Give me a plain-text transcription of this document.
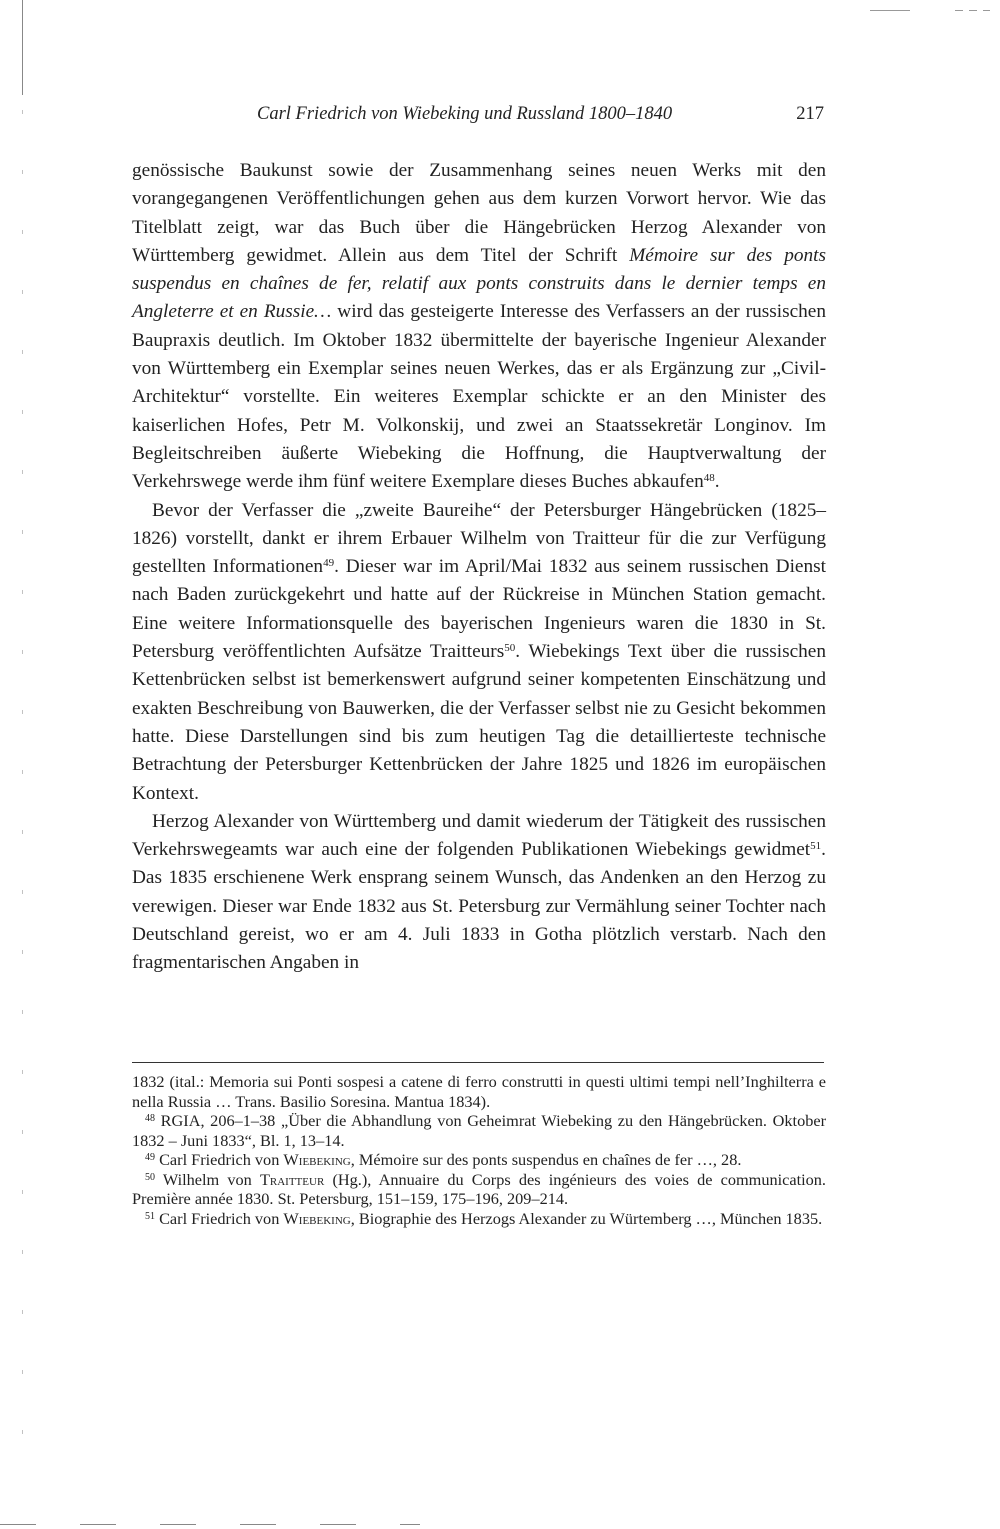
Carl Friedrich von Wiebeking und Russland 1800–1840	217

genössische Baukunst sowie der Zusammenhang seines neuen Werks mit den vorangegangenen Veröffentlichungen gehen aus dem kurzen Vorwort hervor. Wie das Titelblatt zeigt, war das Buch über die Hängebrücken Herzog Alexander von Württemberg gewidmet. Allein aus dem Titel der Schrift Mémoire sur des ponts suspendus en chaînes de fer, relatif aux ponts construits dans le dernier temps en Angleterre et en Russie… wird das gesteigerte Interesse des Verfassers an der russischen Baupraxis deutlich. Im Oktober 1832 übermittelte der bayerische Ingenieur Alexander von Württemberg ein Exemplar seines neuen Werkes, das er als Ergänzung zur „Civil-Architektur“ vorstellte. Ein weiteres Exemplar schickte er an den Minister des kaiserlichen Hofes, Petr M. Volkonskij, und zwei an Staatssekretär Longinov. Im Begleitschreiben äußerte Wiebeking die Hoffnung, die Hauptverwaltung der Verkehrswege werde ihm fünf weitere Exemplare dieses Buches abkaufen$^{48}$.

Bevor der Verfasser die „zweite Baureihe“ der Petersburger Hängebrücken (1825–1826) vorstellt, dankt er ihrem Erbauer Wilhelm von Traitteur für die zur Verfügung gestellten Informationen$^{49}$. Dieser war im April/Mai 1832 aus seinem russischen Dienst nach Baden zurückgekehrt und hatte auf der Rückreise in München Station gemacht. Eine weitere Informationsquelle des bayerischen Ingenieurs waren die 1830 in St. Petersburg veröffentlichten Aufsätze Traitteurs$^{50}$. Wiebekings Text über die russischen Kettenbrücken selbst ist bemerkenswert aufgrund seiner kompetenten Einschätzung und exakten Beschreibung von Bauwerken, die der Verfasser selbst nie zu Gesicht bekommen hatte. Diese Darstellungen sind bis zum heutigen Tag die detaillierteste technische Betrachtung der Petersburger Kettenbrücken der Jahre 1825 und 1826 im europäischen Kontext.

Herzog Alexander von Württemberg und damit wiederum der Tätigkeit des russischen Verkehrswegeamts war auch eine der folgenden Publikationen Wiebekings gewidmet$^{51}$. Das 1835 erschienene Werk ensprang seinem Wunsch, das Andenken an den Herzog zu verewigen. Dieser war Ende 1832 aus St. Petersburg zur Vermählung seiner Tochter nach Deutschland gereist, wo er am 4. Juli 1833 in Gotha plötzlich verstarb. Nach den fragmentarischen Angaben in

1832 (ital.: Memoria sui Ponti sospesi a catene di ferro construtti in questi ultimi tempi nell’Inghilterra e nella Russia … Trans. Basilio Soresina. Mantua 1834).

$^{48}$ RGIA, 206–1–38 „Über die Abhandlung von Geheimrat Wiebeking zu den Hängebrücken. Oktober 1832 – Juni 1833“, Bl. 1, 13–14.

$^{49}$ Carl Friedrich von Wiebeking, Mémoire sur des ponts suspendus en chaînes de fer …, 28.

$^{50}$ Wilhelm von Traitteur (Hg.), Annuaire du Corps des ingénieurs des voies de communication. Première année 1830. St. Petersburg, 151–159, 175–196, 209–214.

$^{51}$ Carl Friedrich von Wiebeking, Biographie des Herzogs Alexander zu Würtemberg …, München 1835.
